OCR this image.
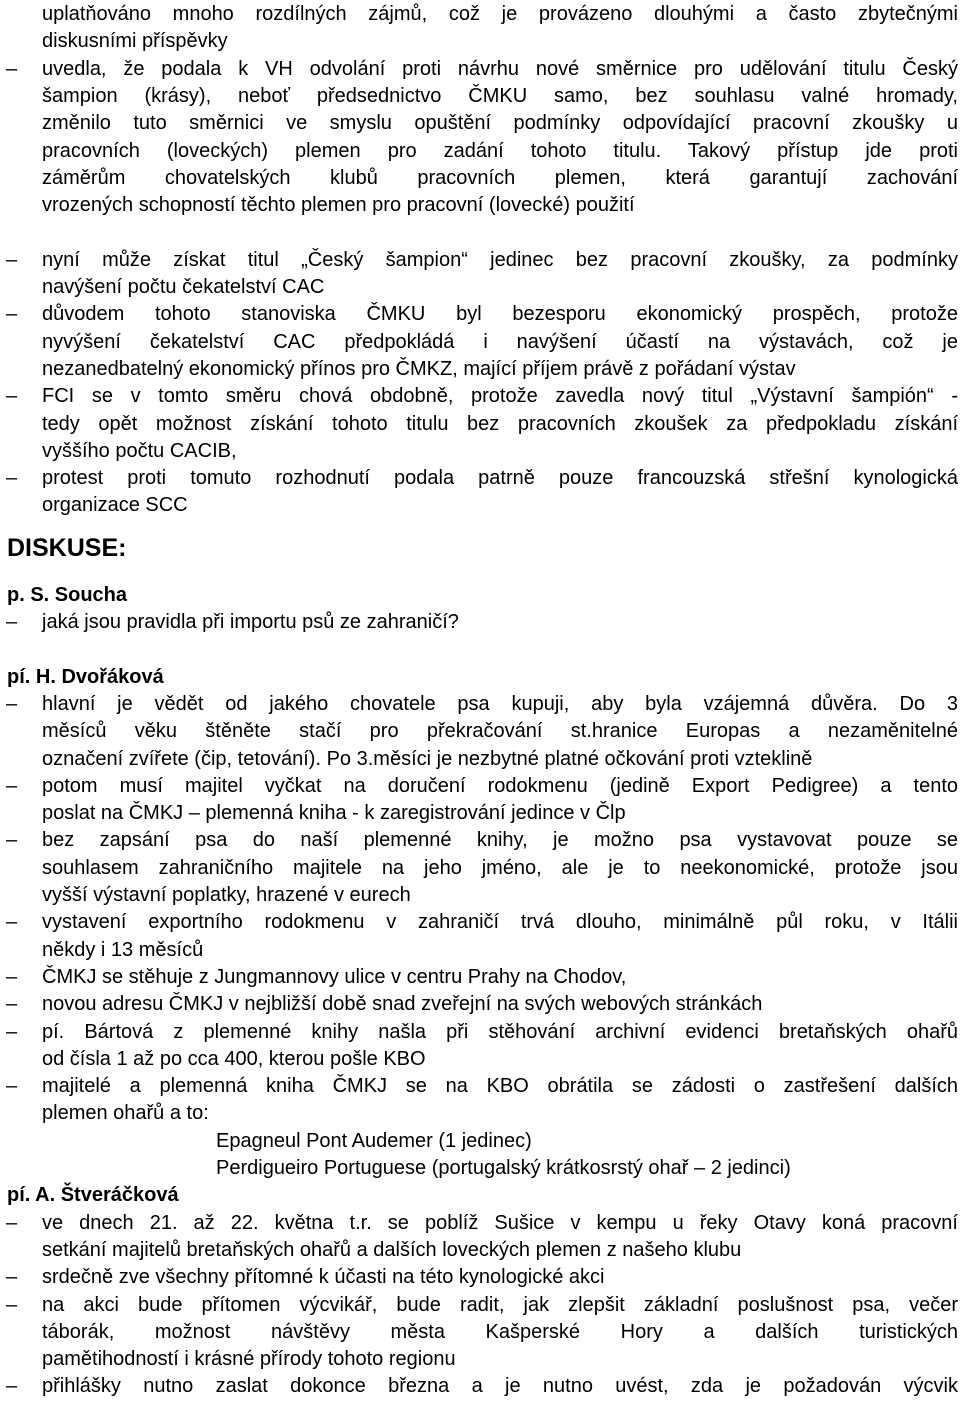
uplatňováno mnoho rozdílných zájmů, což je provázeno dlouhými a často zbytečnými
diskusními příspěvky
– uvedla, že podala k VH odvolání proti návrhu nové směrnice pro udělování titulu Český
šampion (krásy), neboť předsednictvo ČMKU samo, bez souhlasu valné hromady,
změnilo tuto směrnici ve smyslu opuštění podmínky odpovídající pracovní zkoušky u
pracovních (loveckých) plemen pro zadání tohoto titulu. Takový přístup jde proti
záměrům chovatelských klubů pracovních plemen, která garantují zachování
vrozených schopností těchto plemen pro pracovní (lovecké) použití
– nyní může získat titul „Český šampion“ jedinec bez pracovní zkoušky, za podmínky
navýšení počtu čekatelství CAC
– důvodem tohoto stanoviska ČMKU byl bezesporu ekonomický prospěch, protože
nyvýšení čekatelství CAC předpokládá i navýšení účastí na výstavách, což je
nezanedbatelný ekonomický přínos pro ČMKZ, mající příjem právě z pořádaní výstav
– FCI se v tomto směru chová obdobně, protože zavedla nový titul „Výstavní šampión“ -
tedy opět možnost získání tohoto titulu bez pracovních zkoušek za předpokladu získání
vyššího počtu CACIB,
– protest proti tomuto rozhodnutí podala patrně pouze francouzská střešní kynologická
organizace SCC
DISKUSE:
p. S. Soucha
– jaká jsou pravidla při importu psů ze zahraničí?
pí. H. Dvořáková
– hlavní je vědět od jakého chovatele psa kupuji, aby byla vzájemná důvěra. Do 3
měsíců věku štěněte stačí pro překračování st.hranice Europas a nezaměnitelné
označení zvířete (čip, tetování). Po 3.měsíci je nezbytné platné očkování proti vzteklině
– potom musí majitel vyčkat na doručení rodokmenu (jedině Export Pedigree) a tento
poslat na ČMKJ – plemenná kniha - k zaregistrování jedince v Člp
– bez zapsání psa do naší plemenné knihy, je možno psa vystavovat pouze se
souhlasem zahraničního majitele na jeho jméno, ale je to neekonomické, protože jsou
vyšší výstavní poplatky, hrazené v eurech
– vystavení exportního rodokmenu v zahraničí trvá dlouho, minimálně půl roku, v Itálii
někdy i 13 měsíců
– ČMKJ se stěhuje z Jungmannovy ulice v centru Prahy na Chodov,
– novou adresu ČMKJ v nejbližší době snad zveřejní na svých webových stránkách
– pí. Bártová z plemenné knihy našla při stěhování archivní evidenci bretaňských ohařů
od čísla 1 až po cca 400, kterou pošle KBO
– majitelé a plemenná kniha ČMKJ se na KBO obrátila se zádosti o zastřešení dalších
plemen ohařů a to:
Epagneul Pont Audemer (1 jedinec)
Perdigueiro Portuguese (portugalský krátkosrstý ohař – 2 jedinci)
pí. A. Štveráčková
– ve dnech 21. až 22. května t.r. se poblíž Sušice v kempu u řeky Otavy koná pracovní
setkání majitelů bretaňských ohařů a dalších loveckých plemen z našeho klubu
– srdečně zve všechny přítomné k účasti na této kynologické akci
– na akci bude přítomen výcvikář, bude radit, jak zlepšit základní poslušnost psa, večer
táborák, možnost návštěvy města Kašperské Hory a dalších turistických
pamětihodností i krásné přírody tohoto regionu
– přihlášky nutno zaslat dokonce března a je nutno uvést, zda je požadován výcvik
